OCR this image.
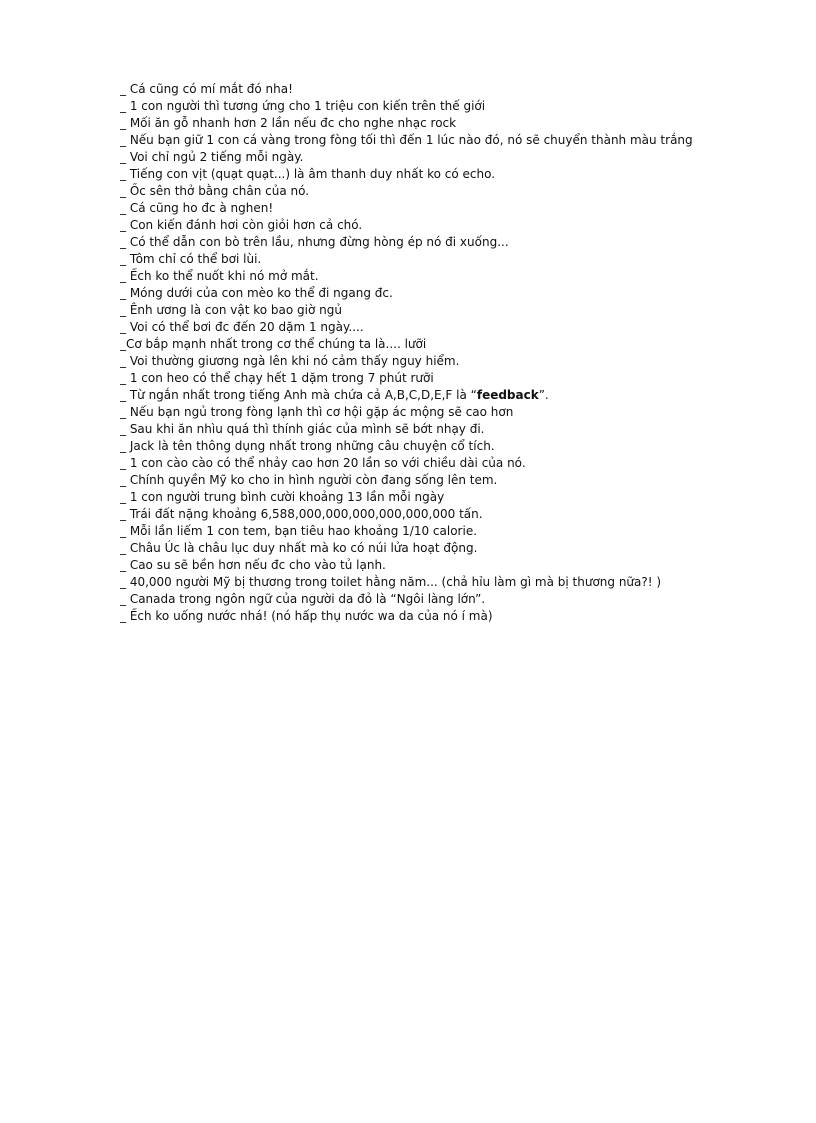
_ Cá cũng có mí mắt đó nha!
_ 1 con người thì tương ứng cho 1 triệu con kiến trên thế giới
_ Mối ăn gỗ nhanh hơn 2 lần nếu đc cho nghe nhạc rock
_ Nếu bạn giữ 1 con cá vàng trong fòng tối thì đến 1 lúc nào đó, nó sẽ chuyển thành màu trắng
_ Voi chỉ ngủ 2 tiếng mỗi ngày.
_ Tiếng con vịt (quạt quạt...) là âm thanh duy nhất ko có echo.
_ Ốc sên thở bằng chân của nó.
_ Cá cũng ho đc à nghen!
_ Con kiến đánh hơi còn giỏi hơn cả chó.
_ Có thể dẫn con bò trên lầu, nhưng đừng hòng ép nó đi xuống...
_ Tôm chỉ có thể bơi lùi.
_ Ếch ko thể nuốt khi nó mở mắt.
_ Móng dưới của con mèo ko thể đi ngang đc.
_ Ễnh ương là con vật ko bao giờ ngủ
_ Voi có thể bơi đc đến 20 dặm 1 ngày....
_Cơ bắp mạnh nhất trong cơ thể chúng ta là.... lưỡi
_ Voi thường giương ngà lên khi nó cảm thấy nguy hiểm.
_ 1 con heo có thể chạy hết 1 dặm trong 7 phút rưỡi
_ Từ ngắn nhất trong tiếng Anh mà chứa cả A,B,C,D,E,F là “feedback”.
_ Nếu bạn ngủ trong fòng lạnh thì cơ hội gặp ác mộng sẽ cao hơn
_ Sau khi ăn nhìu quá thì thính giác của mình sẽ bớt nhạy đi.
_ Jack là tên thông dụng nhất trong những câu chuyện cổ tích.
_ 1 con cào cào có thể nhảy cao hơn 20 lần so với chiều dài của nó.
_ Chính quyền Mỹ ko cho in hình người còn đang sống lên tem.
_ 1 con người trung bình cười khoảng 13 lần mỗi ngày
_ Trái đất nặng khoảng 6,588,000,000,000,000,000,000 tấn.
_ Mỗi lần liếm 1 con tem, bạn tiêu hao khoảng 1/10 calorie.
_ Châu Úc là châu lục duy nhất mà ko có núi lửa hoạt động.
_ Cao su sẽ bền hơn nếu đc cho vào tủ lạnh.
_ 40,000 người Mỹ bị thương trong toilet hằng năm... (chả hỉu làm gì mà bị thương nữa?! )
_ Canada trong ngôn ngữ của người da đỏ là “Ngôi làng lớn”.
_ Ếch ko uống nước nhá! (nó hấp thụ nước wa da của nó í mà)
